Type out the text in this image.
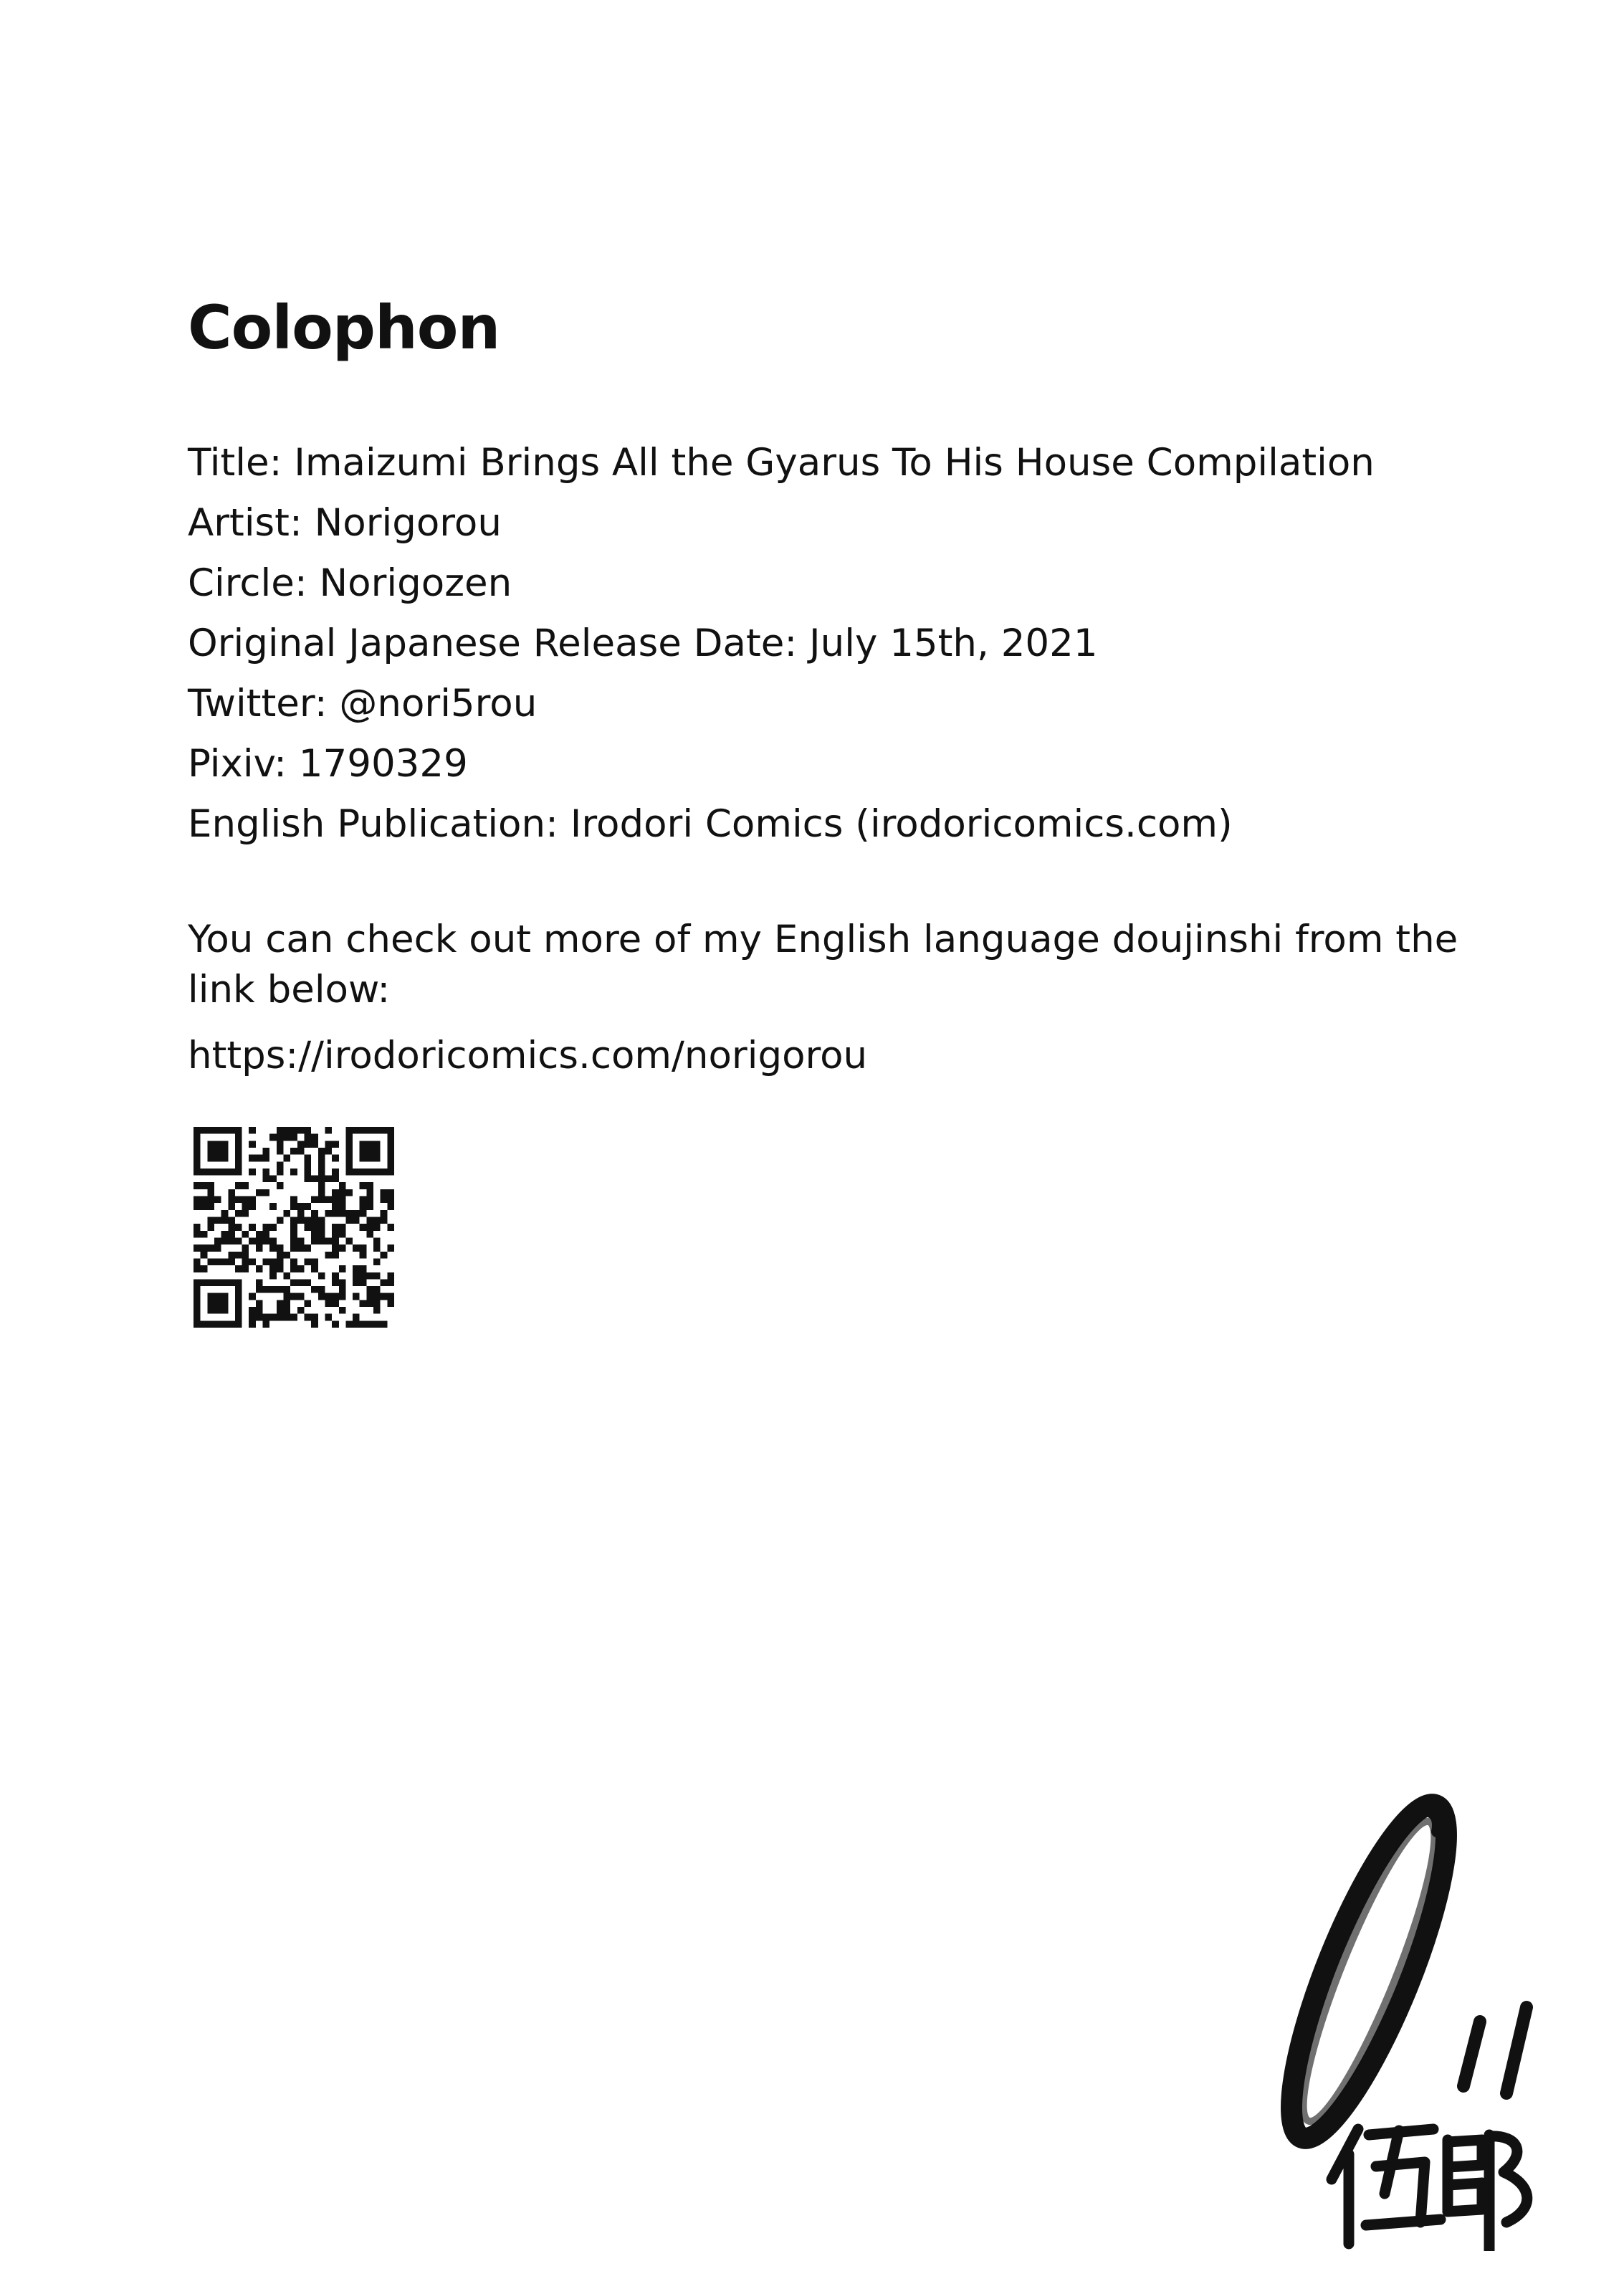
Colophon
Title: Imaizumi Brings All the Gyarus To His House Compilation
Artist: Norigorou
Circle: Norigozen
Original Japanese Release Date: July 15th, 2021
Twitter: @nori5rou
Pixiv: 1790329
English Publication: Irodori Comics (irodoricomics.com)

You can check out more of my English language doujinshi from the link below:

https://irodoricomics.com/norigorou
